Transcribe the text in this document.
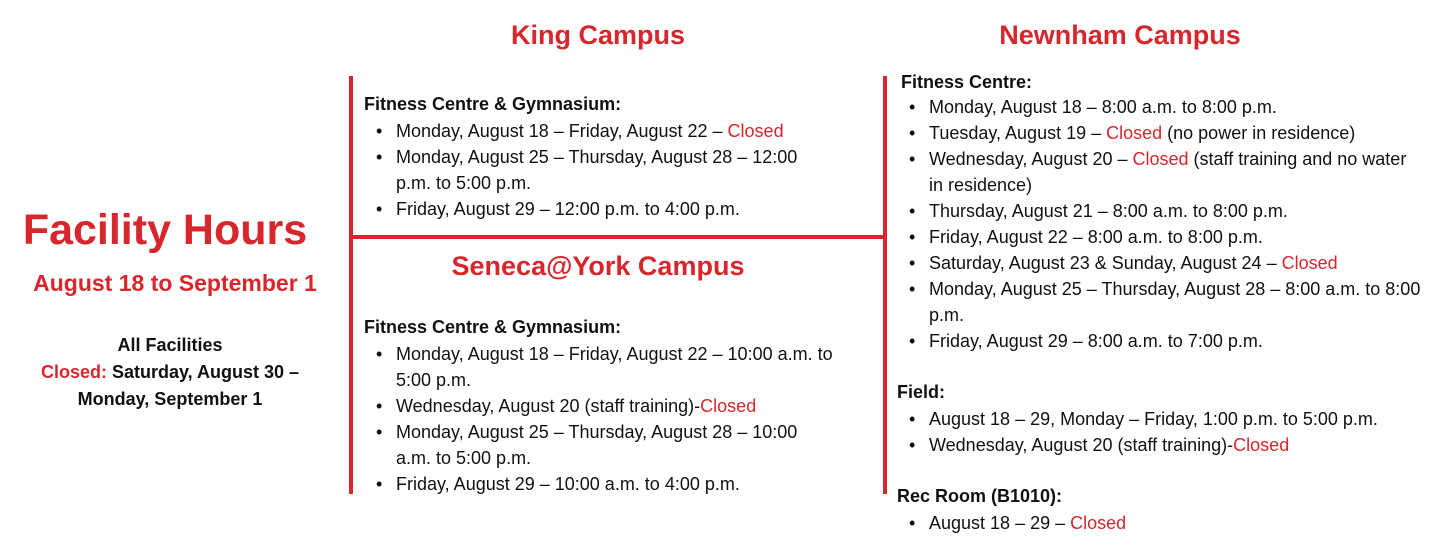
Facility Hours
August 18 to September 1
All Facilities
Closed: Saturday, August 30 –
Monday, September 1
King Campus
Fitness Centre & Gymnasium:
• Monday, August 18 – Friday, August 22 – Closed
• Monday, August 25 – Thursday, August 28 – 12:00 p.m. to 5:00 p.m.
• Friday, August 29 – 12:00 p.m. to 4:00 p.m.
Seneca@York Campus
Fitness Centre & Gymnasium:
• Monday, August 18 – Friday, August 22 – 10:00 a.m. to 5:00 p.m.
• Wednesday, August 20 (staff training)-Closed
• Monday, August 25 – Thursday, August 28 – 10:00 a.m. to 5:00 p.m.
• Friday, August 29 – 10:00 a.m. to 4:00 p.m.
Newnham Campus
Fitness Centre:
• Monday, August 18 – 8:00 a.m. to 8:00 p.m.
• Tuesday, August 19 – Closed (no power in residence)
• Wednesday, August 20 – Closed (staff training and no water in residence)
• Thursday, August 21 – 8:00 a.m. to 8:00 p.m.
• Friday, August 22 – 8:00 a.m. to 8:00 p.m.
• Saturday, August 23 & Sunday, August 24 – Closed
• Monday, August 25 – Thursday, August 28 – 8:00 a.m. to 8:00 p.m.
• Friday, August 29 – 8:00 a.m. to 7:00 p.m.
Field:
• August 18 – 29, Monday – Friday, 1:00 p.m. to 5:00 p.m.
• Wednesday, August 20 (staff training)-Closed
Rec Room (B1010):
• August 18 – 29 – Closed
